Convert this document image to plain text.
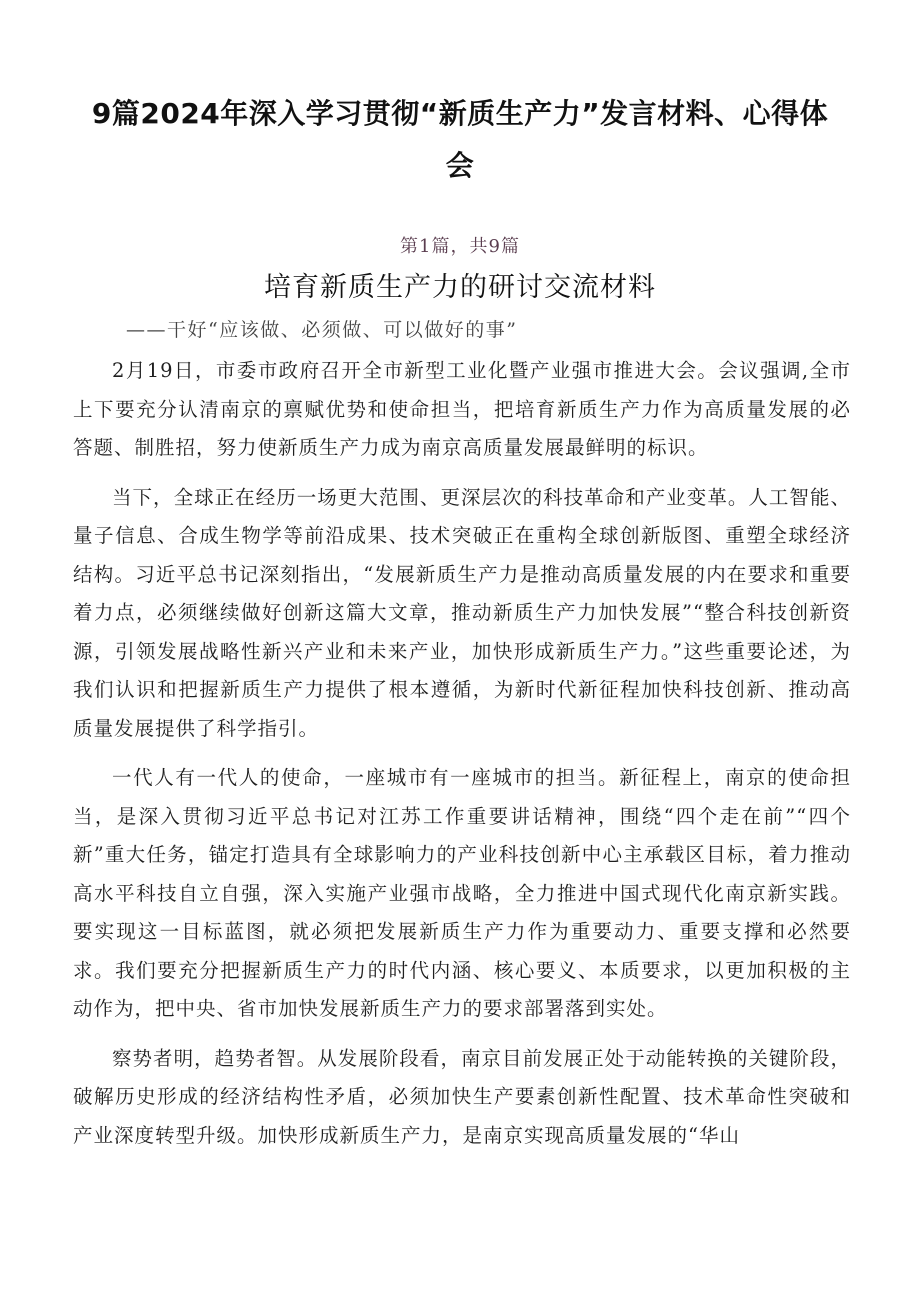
9篇2024年深入学习贯彻“新质生产力”发言材料、心得体会
第1篇，共9篇
培育新质生产力的研讨交流材料
——干好“应该做、必须做、可以做好的事”

2月19日，市委市政府召开全市新型工业化暨产业强市推进大会。会议强调,全市上下要充分认清南京的禀赋优势和使命担当，把培育新质生产力作为高质量发展的必答题、制胜招，努力使新质生产力成为南京高质量发展最鲜明的标识。

当下，全球正在经历一场更大范围、更深层次的科技革命和产业变革。人工智能、量子信息、合成生物学等前沿成果、技术突破正在重构全球创新版图、重塑全球经济结构。习近平总书记深刻指出，“发展新质生产力是推动高质量发展的内在要求和重要着力点，必须继续做好创新这篇大文章，推动新质生产力加快发展”“整合科技创新资源，引领发展战略性新兴产业和未来产业，加快形成新质生产力。”这些重要论述，为我们认识和把握新质生产力提供了根本遵循，为新时代新征程加快科技创新、推动高质量发展提供了科学指引。

一代人有一代人的使命，一座城市有一座城市的担当。新征程上，南京的使命担当，是深入贯彻习近平总书记对江苏工作重要讲话精神，围绕“四个走在前”“四个新”重大任务，锚定打造具有全球影响力的产业科技创新中心主承载区目标，着力推动高水平科技自立自强，深入实施产业强市战略，全力推进中国式现代化南京新实践。要实现这一目标蓝图，就必须把发展新质生产力作为重要动力、重要支撑和必然要求。我们要充分把握新质生产力的时代内涵、核心要义、本质要求，以更加积极的主动作为，把中央、省市加快发展新质生产力的要求部署落到实处。

察势者明，趋势者智。从发展阶段看，南京目前发展正处于动能转换的关键阶段，破解历史形成的经济结构性矛盾，必须加快生产要素创新性配置、技术革命性突破和产业深度转型升级。加快形成新质生产力，是南京实现高质量发展的“华山
